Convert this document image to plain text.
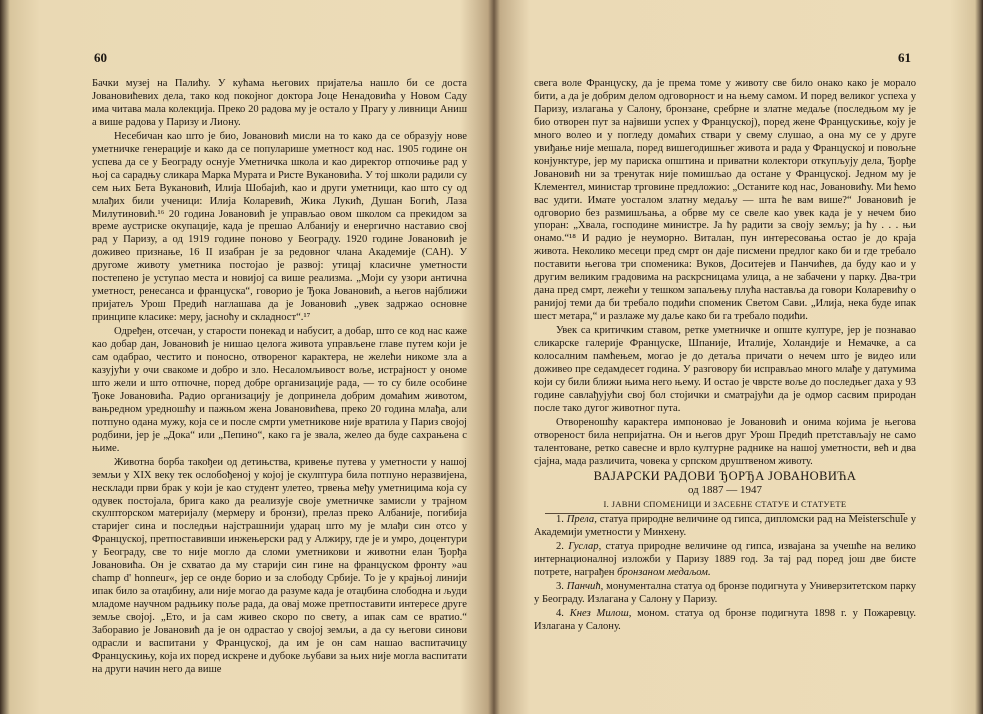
60

Бачки музеј на Палићу. У кућама његових пријатеља нашло би се доста Јовановићевих дела, тако код покојног доктора Јоце Ненадовића у Новом Саду има читава мала колекција. Преко 20 радова му је остало у Прагу у ливници Аниш а више радова у Паризу и Лиону.

Несебичан као што је био, Јовановић мисли на то како да се образују нове уметничке генерације и како да се популарише уметност код нас. 1905 године он успева да се у Београду оснује Уметничка школа и као директор отпочиње рад у њој са сарадњу сликара Марка Мурата и Ристе Вукановића. У тој школи радили су сем њих Бета Вукановић, Илија Шобајић, као и други уметници, као што су од млађих били ученици: Илија Коларевић, Жика Лукић, Душан Богић, Лаза Милутиновић.¹⁶ 20 година Јовановић је управљао овом школом са прекидом за време аустриске окупације, када је прешао Албанију и енергично наставио свој рад у Паризу, а од 1919 године поново у Београду. 1920 године Јовановић је доживео признање, 16 II изабран је за редовног члана Академије (САН). У другоме животу уметника постојао је развој: утицај класичне уметности постепено је уступао места и новијој са више реализма. „Моји су узори антична уметност, ренесанса и француска“, говорио је Ђока Јовановић, а његов најближи пријатељ Урош Предић наглашава да је Јовановић „увек задржао основне принципе класике: меру, јасноћу и складност“.¹⁷

Одређен, отсечан, у старости понекад и набусит, а добар, што се код нас каже као добар дан, Јовановић је нишао целога живота управљене главе путем који је сам одабрао, честито и поносно, отвореног карактера, не желећи никоме зла а казујући у очи свакоме и добро и зло. Несаломљивост воље, истрајност у ономе што жели и што отпочне, поред добре организације рада, — то су биле особине Ђоке Јовановића. Радио организацију је допринела добрим домаћим животом, вањредном уредношћу и пажњом жена Јовановићева, преко 20 година млађа, али потпуно одана мужу, која се и после смрти уметникове није вратила у Париз својој родбини, јер је „Дока“ или „Пепино“, како га је звала, желео да буде сахрањена с њиме.

Животна борба такођеи од детињства, кривење путева у уметности у нашој земљи у XIX веку тек ослобођеној у којој је скулптура била потпуно неразвијена, несклади први брак у који је као студент улетео, трвења међу уметницима која су одувек постојала, брига како да реализује своје уметничке замисли у трајном скулпторском материјалу (мермеру и бронзи), прелаз преко Албаније, погибија старијег сина и последњи најстрашнији ударац што му је млађи син отсо у Француској, претпоставивши инжењерски рад у Алжиру, где је и умро, доцентури у Београду, све то није могло да сломи уметникови и животни елан Ђорђа Јовановића. Он је схватао да му старији син гине на француском фронту »au champ d' honneur«, јер се онде борио и за слободу Србије. То је у крајњој линији ипак било за отаџбину, али није могао да разуме када је отаџбина слободна и људи младоме научном радњику поље рада, да овај може претпоставити интересе друге земље својој. „Ето, и ја сам живео скоро по свету, а ипак сам се вратио.“ Заборавио је Јовановић да је он одрастао у својој земљи, а да су његови синови одрасли и васпитани у Француској, да им је он сам нашао васпитачицу Францускињу, која их поред искрене и дубоке љубави за њих није могла васпитати на други начин него да више

61

свега воле Француску, да је према томе у животу све било онако како је морало бити, а да је добрим делом одговорност и на њему самом. И поред великог успеха у Паризу, излагања у Салону, бронзане, сребрне и златне медаље (последњом му је био отворен пут за највиши успех у Француској), поред жене Францускиње, коју је много волео и у погледу домаћих ствари у свему слушао, а она му се у друге увиђање није мешала, поред вишегодишњег живота и рада у Француској и повољне конјунктуре, јер му париска општина и приватни колектори откупљују дела, Ђорђе Јовановић ни за тренутак није помишљао да остане у Француској. Једном му је Клементел, министар трговине предложио: „Останите код нас, Јовановићу. Ми ћемо вас удити. Имате уосталом златну медаљу — шта ће вам више?“ Јовановић је одговорио без размишљања, а обрве му се свеле као увек када је у нечем био упоран: „Хвала, господине министре. Ја ћу радити за своју земљу; ја ћу . . . њи онамо.“¹⁸ И радио је неуморно. Виталан, пун интересовања остао је до краја живота. Неколико месеци пред смрт он даје писмени предлог како би и где требало поставити његова три споменика: Вуков, Доситејев и Панчићев, да буду као и у другим великим градовима на раскрсницама улица, а не забачени у парку. Два-три дана пред смрт, лежећи у тешком запаљењу плућа наставља да говори Коларевићу о ранијој теми да би требало подићи споменик Светом Сави. „Илија, нека буде ипак шест метара,“ и разлаже му даље како би га требало подићи.

Увек са критичким ставом, ретке уметничке и опште културе, јер је познавао сликарске галерије Француске, Шпаније, Италије, Холандије и Немачке, а са колосалним памћењем, могао је до детаља причати о нечем што је видео или доживео пре седамдесет година. У разговору би исправљао много млађе у датумима који су били ближи њима него њему. И остао је чврсте воље до последњег даха у 93 године савлађујући свој бол стојички и сматрајући да је одмор сасвим природан после тако дугог животног пута.

Отвореношћу карактера импоновао је Јовановић и онима којима је његова отвореност била непријатна. Он и његов друг Урош Предић претстављају не само талентоване, ретко савесне и врло културне раднике на нашој уметности, већ и два сјајна, мада различита, човека у српском друштвеном животу.

ВАЈАРСКИ РАДОВИ ЂОРЂА ЈОВАНОВИЋА

од 1887 — 1947

I. ЈАВНИ СПОМЕНИЦИ И ЗАСЕБНЕ СТАТУЕ И СТАТУЕТЕ

1. Прела, статуа природне величине од гипса, дипломски рад на Meisterschule у Академији уметности у Минхену.

2. Гуслар, статуа природне величине од гипса, изваjана за учешће на велико интернационалној изложби у Паризу 1889 год. За тај рад поред још две бисте потрете, награђен бронзаном медаљом.

3. Панчић, монументална статуа од бронзе подигнута у Универзитетском парку у Београду. Излагана у Салону у Паризу.

4. Кнез Милош, моном. статуа од бронзе подигнута 1898 г. у Пожаревцу. Излагана у Салону.
